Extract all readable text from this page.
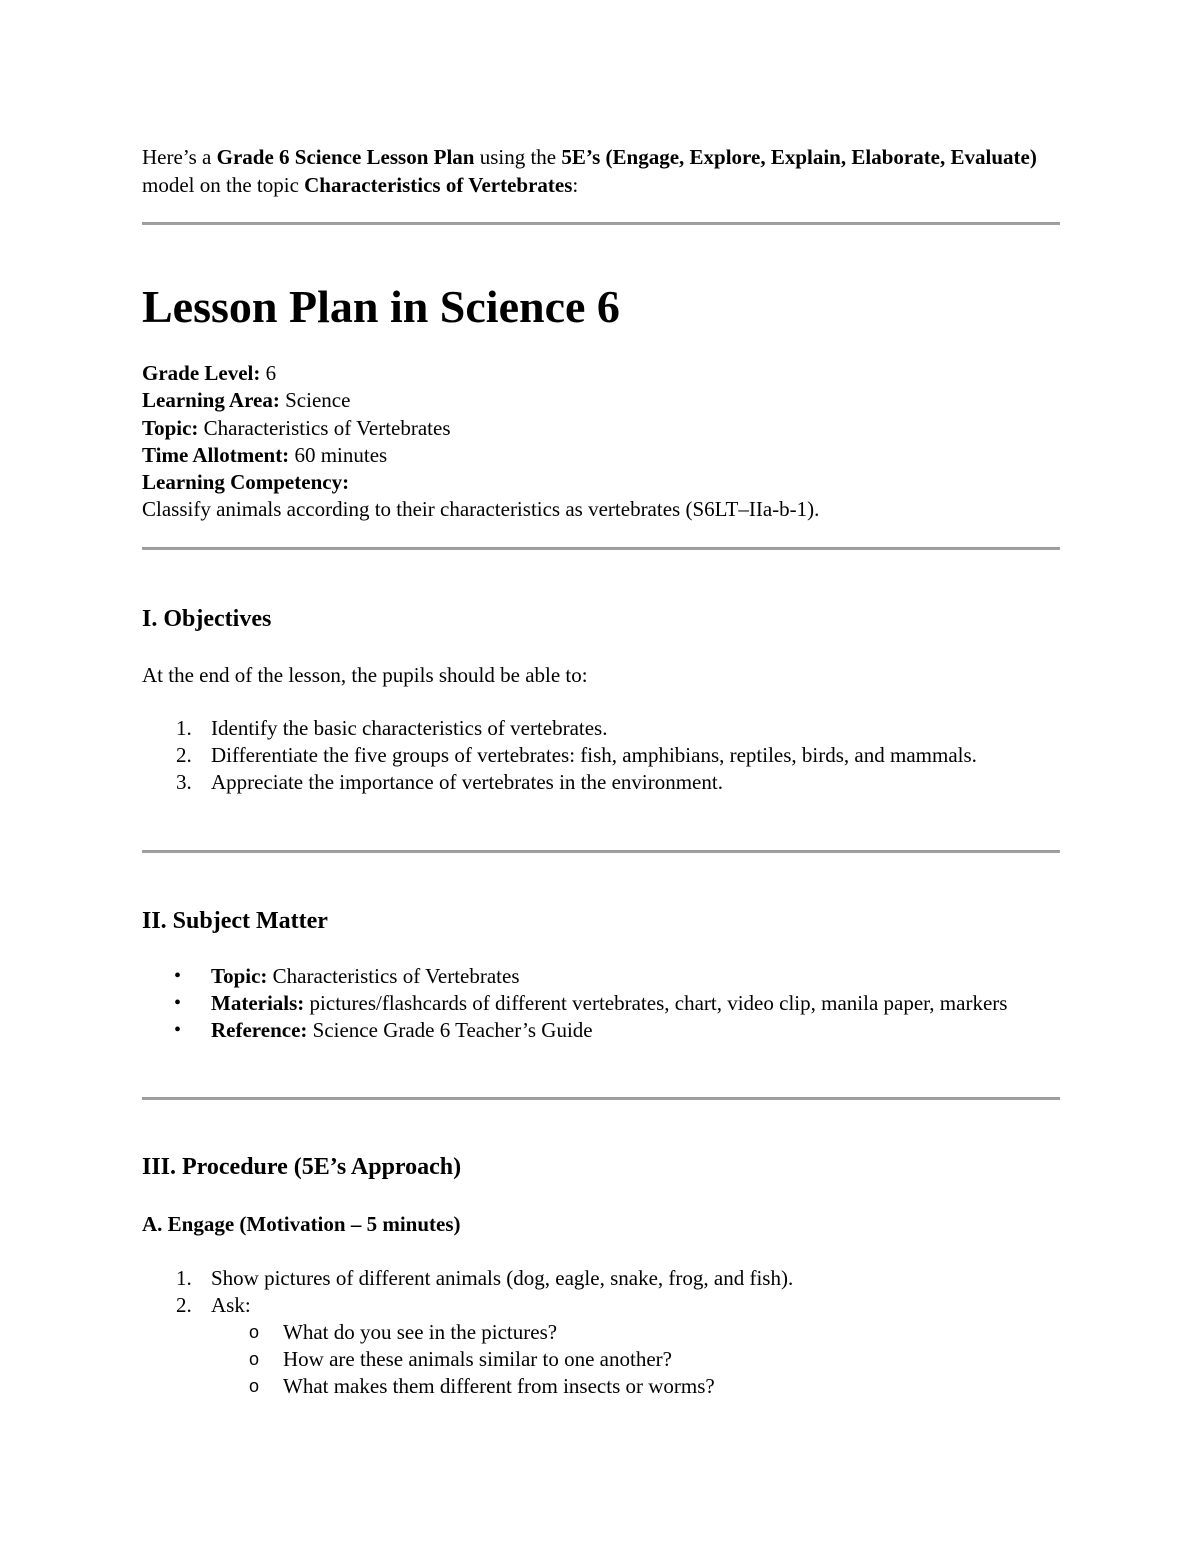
Here’s a Grade 6 Science Lesson Plan using the 5E’s (Engage, Explore, Explain, Elaborate, Evaluate) model on the topic Characteristics of Vertebrates:
Lesson Plan in Science 6
Grade Level: 6
Learning Area: Science
Topic: Characteristics of Vertebrates
Time Allotment: 60 minutes
Learning Competency:
Classify animals according to their characteristics as vertebrates (S6LT–IIa-b-1).
I. Objectives
At the end of the lesson, the pupils should be able to:
1. Identify the basic characteristics of vertebrates.
2. Differentiate the five groups of vertebrates: fish, amphibians, reptiles, birds, and mammals.
3. Appreciate the importance of vertebrates in the environment.
II. Subject Matter
• Topic: Characteristics of Vertebrates
• Materials: pictures/flashcards of different vertebrates, chart, video clip, manila paper, markers
• Reference: Science Grade 6 Teacher’s Guide
III. Procedure (5E’s Approach)
A. Engage (Motivation – 5 minutes)
1. Show pictures of different animals (dog, eagle, snake, frog, and fish).
2. Ask:
o What do you see in the pictures?
o How are these animals similar to one another?
o What makes them different from insects or worms?
